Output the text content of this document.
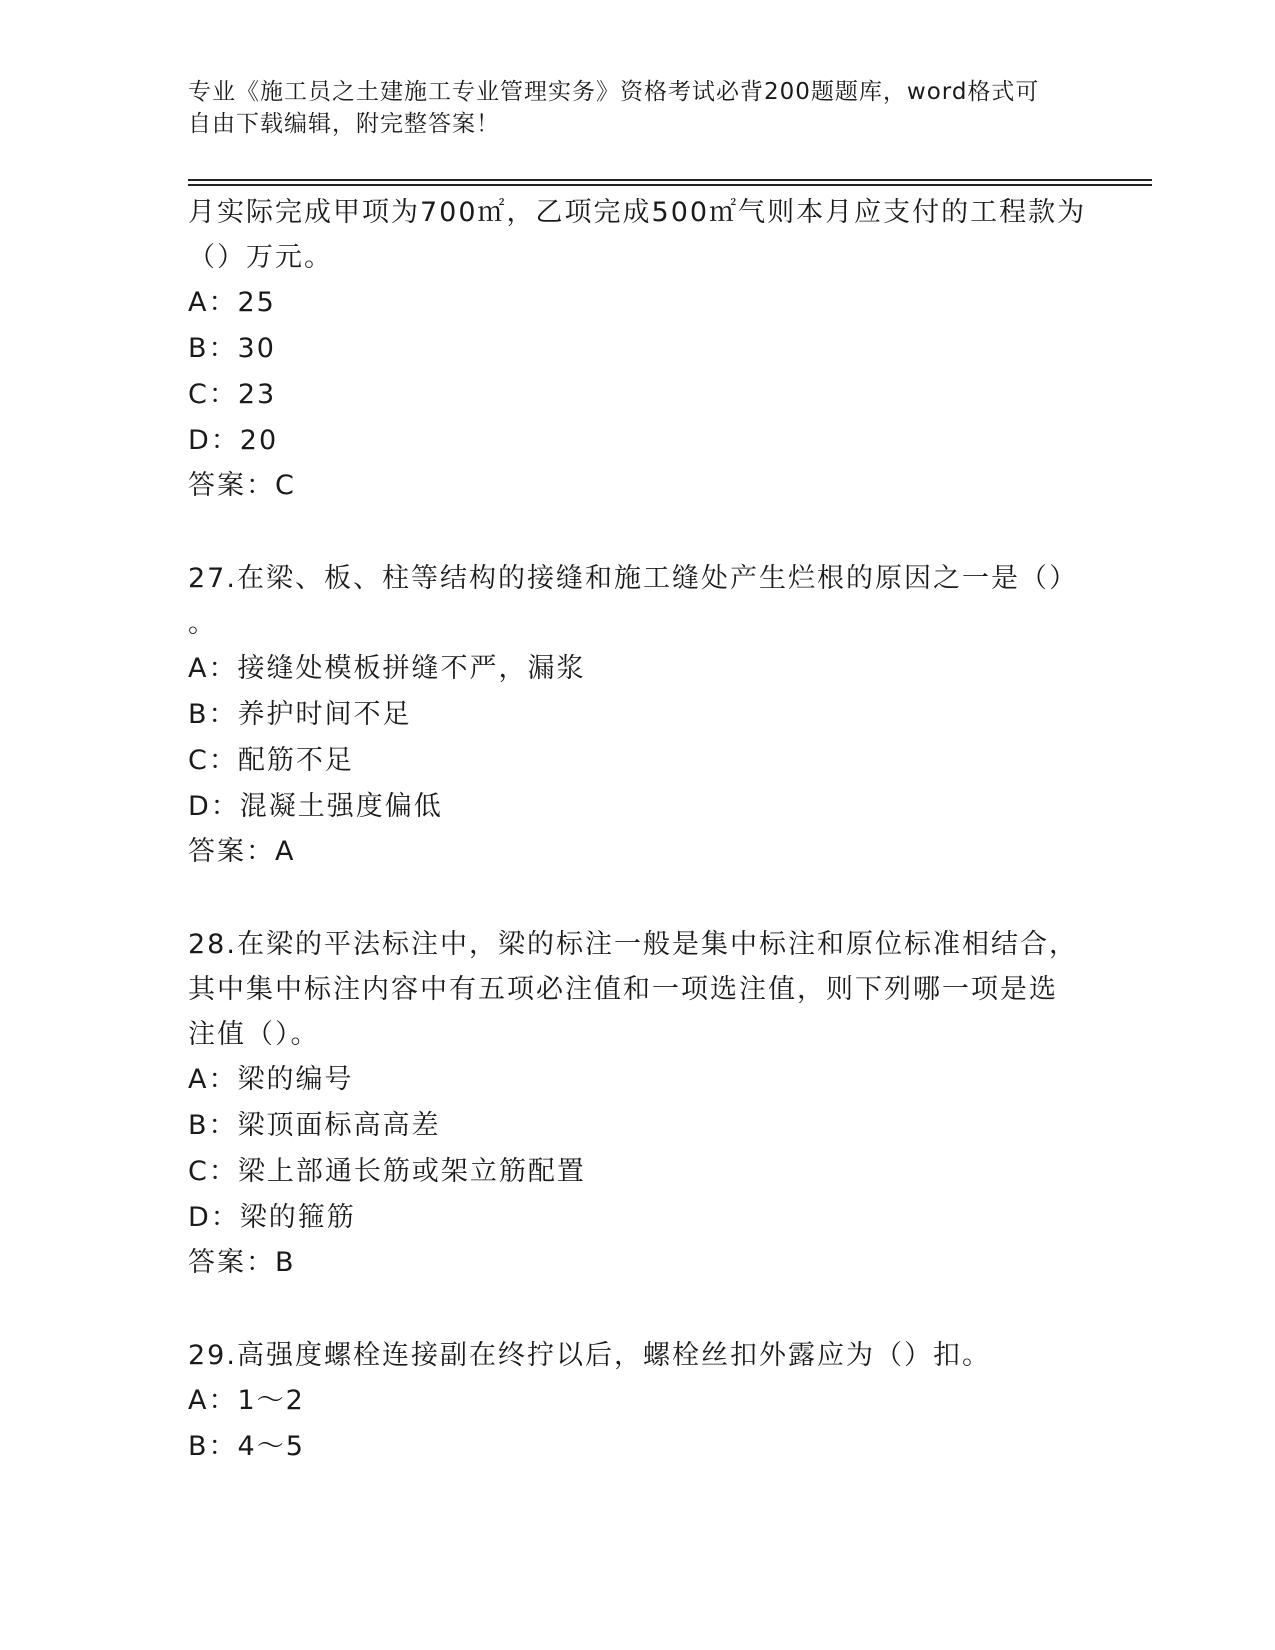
专业《施工员之土建施工专业管理实务》资格考试必背200题题库，word格式可
自由下载编辑，附完整答案！
月实际完成甲项为700㎡，乙项完成500㎡气则本月应支付的工程款为
（）万元。
A：25
B：30
C：23
D：20
答案：C
27.在梁、板、柱等结构的接缝和施工缝处产生烂根的原因之一是（）
。
A：接缝处模板拼缝不严，漏浆
B：养护时间不足
C：配筋不足
D：混凝土强度偏低
答案：A
28.在梁的平法标注中，梁的标注一般是集中标注和原位标准相结合，
其中集中标注内容中有五项必注值和一项选注值，则下列哪一项是选
注值（）。
A：梁的编号
B：梁顶面标高高差
C：梁上部通长筋或架立筋配置
D：梁的箍筋
答案：B
29.高强度螺栓连接副在终拧以后，螺栓丝扣外露应为（）扣。
A：1～2
B：4～5
